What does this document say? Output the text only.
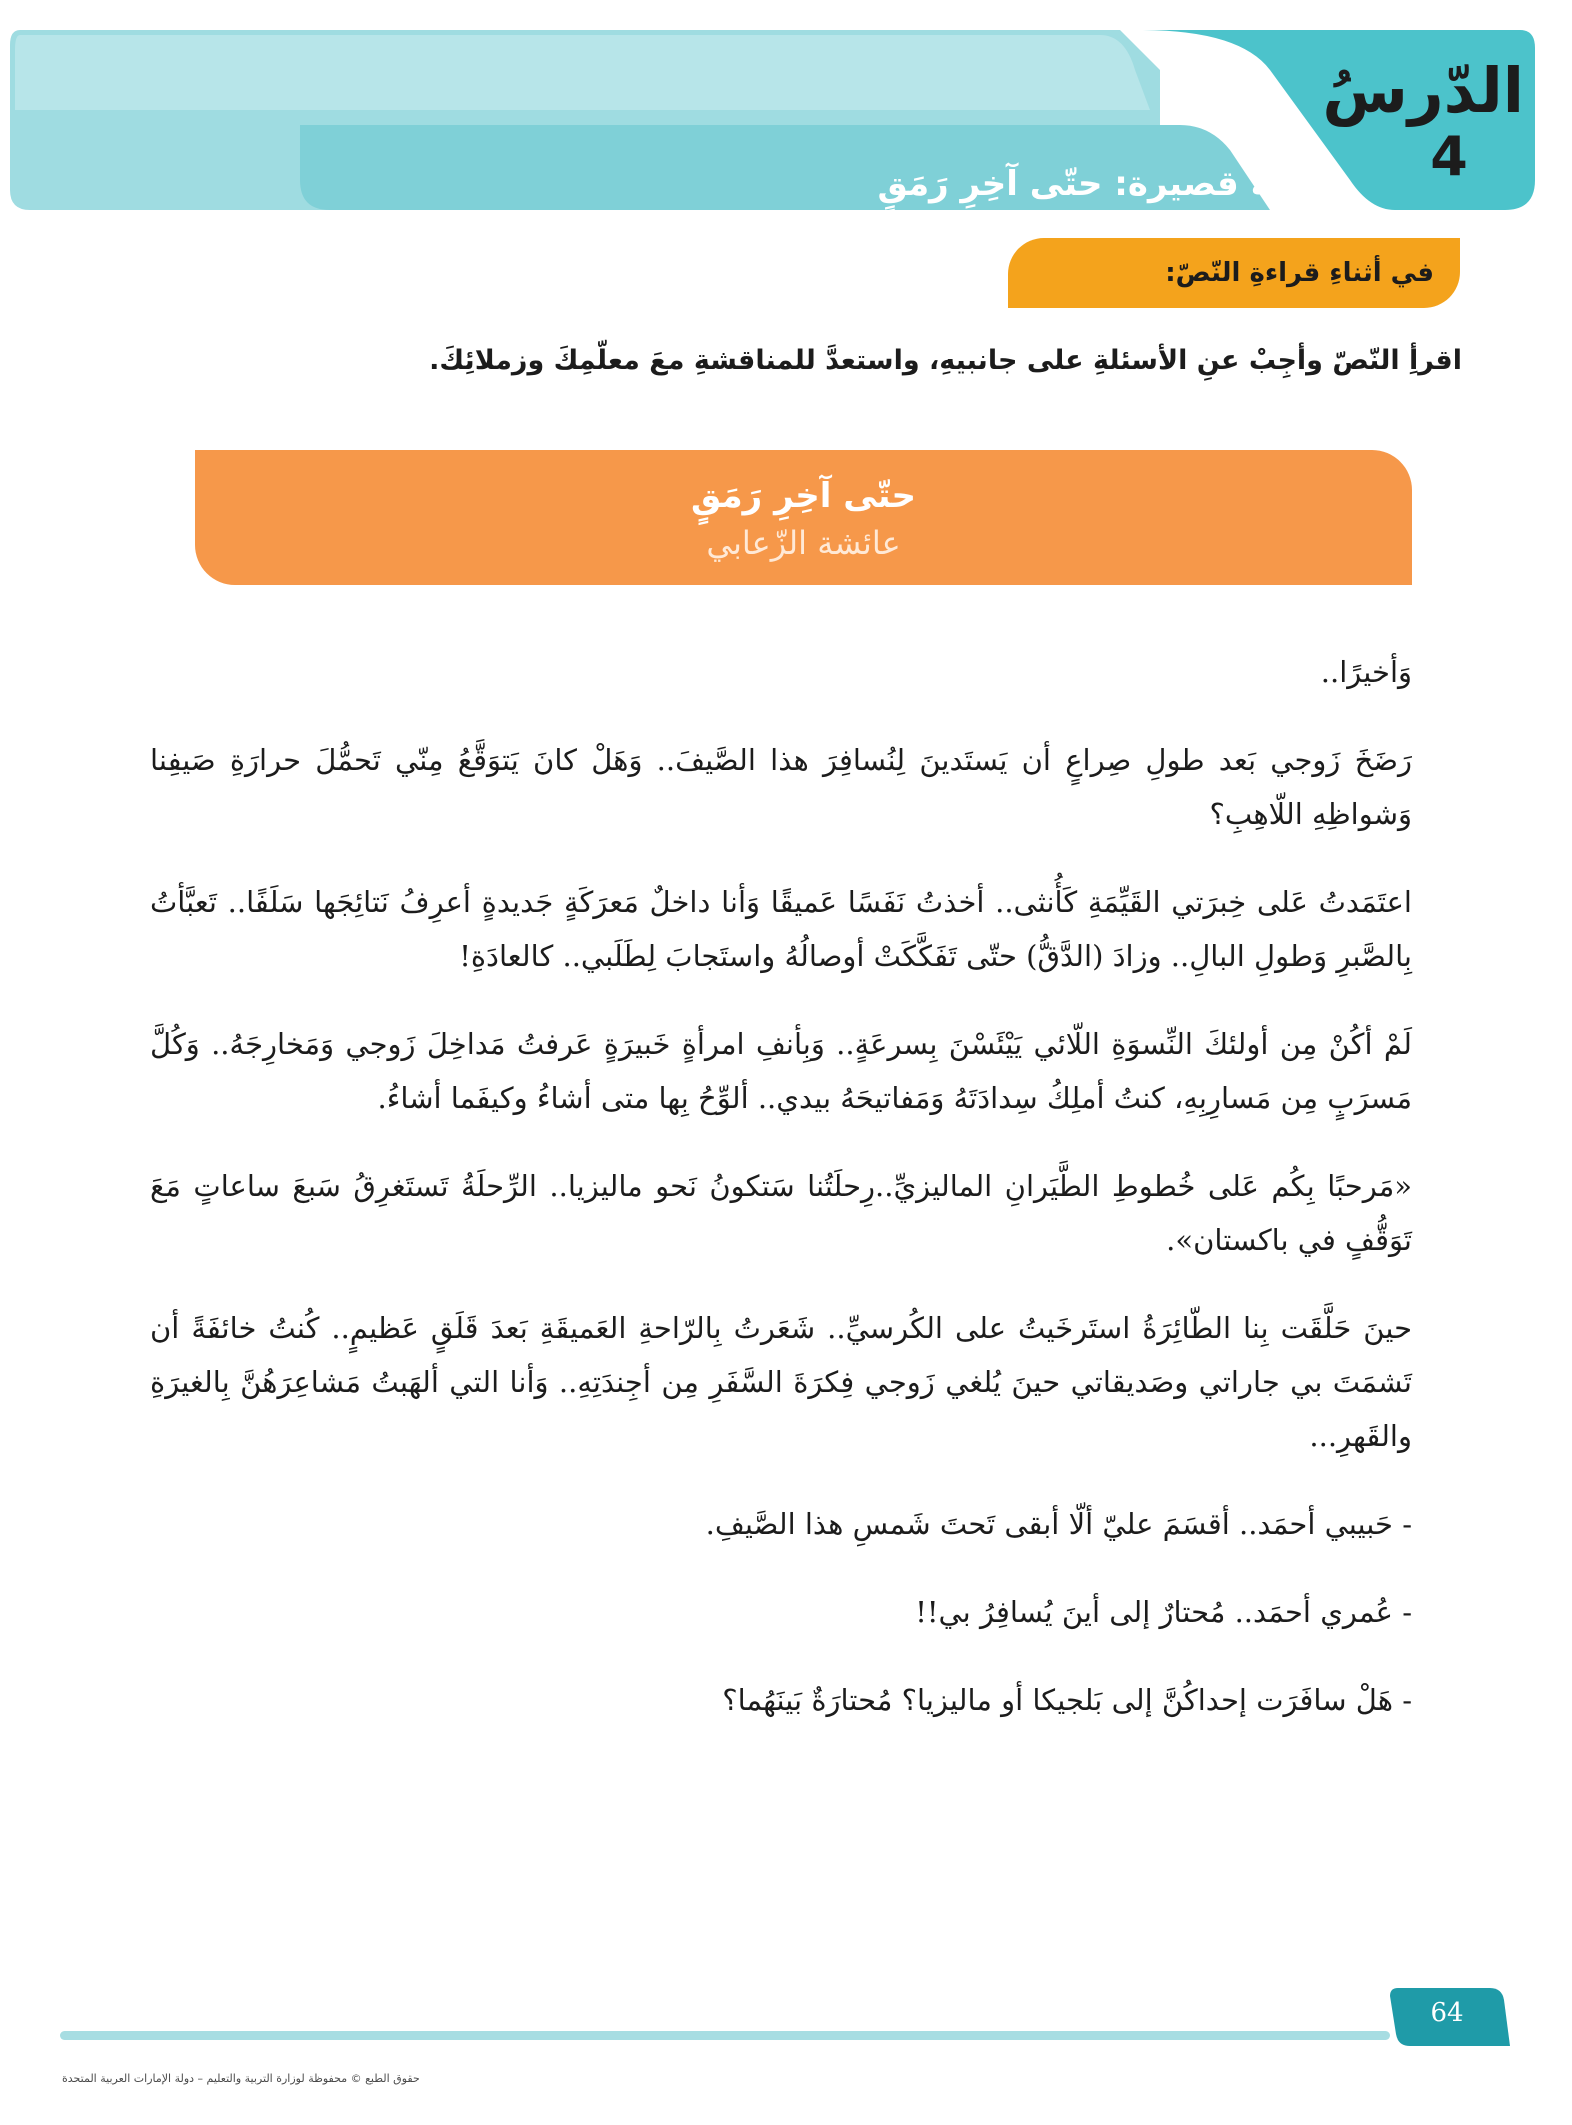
الدّرسُ
4
قِصّة قصيرة: حتّى آخِرِ رَمَقٍ
في أثناءِ قراءةِ النّصّ:
اقرأِ النّصّ وأجِبْ عنِ الأسئلةِ على جانبيهِ، واستعدَّ للمناقشةِ معَ معلّمِكَ وزملائِكَ.
حتّى آخِرِ رَمَقٍ
عائشة الزّعابي

وَأخيرًا..

رَضَخَ زَوجي بَعد طولِ صِراعٍ أن يَستَدينَ لِنُسافِرَ هذا الصَّيفَ.. وَهَلْ كانَ يَتوَقَّعُ مِنّي تَحمُّلَ حرارَةِ صَيفِنا وَشواظِهِ اللّاهِبِ؟

اعتَمَدتُ عَلى خِبرَتي القَيِّمَةِ كَأُنثى.. أخذتُ نَفَسًا عَميقًا وَأنا داخلٌ مَعرَكَةٍ جَديدةٍ أعرِفُ نَتائِجَها سَلَفًا.. تَعبَّأتُ بِالصَّبرِ وَطولِ البالِ.. وزادَ (الدَّقُّ) حتّى تَفَكَّكَتْ أوصالُهُ واستَجابَ لِطَلَبي.. كالعادَةِ!

لَمْ أكُنْ مِن أولئكَ النِّسوَةِ اللّائي يَيْئَسْنَ بِسرعَةٍ.. وَبِأنفِ امرأةٍ خَبيرَةٍ عَرفتُ مَداخِلَ زَوجي وَمَخارِجَهُ.. وَكُلَّ مَسرَبٍ مِن مَسارِبِهِ، كنتُ أملِكُ سِدادَتَهُ وَمَفاتيحَهُ بيدي.. ألوِّحُ بِها متى أشاءُ وكيفَما أشاءُ.

«مَرحبًا بِكُم عَلى خُطوطِ الطَّيَرانِ الماليزيِّ..رِحلَتُنا سَتكونُ نَحو ماليزيا.. الرِّحلَةُ تَستَغرِقُ سَبعَ ساعاتٍ مَعَ تَوَقُّفٍ في باكستان».

حينَ حَلَّقَت بِنا الطّائِرَةُ استَرخَيتُ على الكُرسيِّ.. شَعَرتُ بِالرّاحةِ العَميقَةِ بَعدَ قَلَقٍ عَظيمٍ.. كُنتُ خائفَةً أن تَشمَتَ بي جاراتي وصَديقاتي حينَ يُلغي زَوجي فِكرَةَ السَّفَرِ مِن أجِندَتِهِ.. وَأنا التي ألهَبتُ مَشاعِرَهُنَّ بِالغيرَةِ والقَهرِ...

- حَبيبي أحمَد.. أقسَمَ عليّ ألّا أبقى تَحتَ شَمسِ هذا الصَّيفِ.

- عُمري أحمَد.. مُحتارٌ إلى أينَ يُسافِرُ بي!!

- هَلْ سافَرَت إحداكُنَّ إلى بَلجيكا أو ماليزيا؟ مُحتارَةٌ بَينَهُما؟

64
حقوق الطبع © محفوظة لوزارة التربية والتعليم – دولة الإمارات العربية المتحدة
